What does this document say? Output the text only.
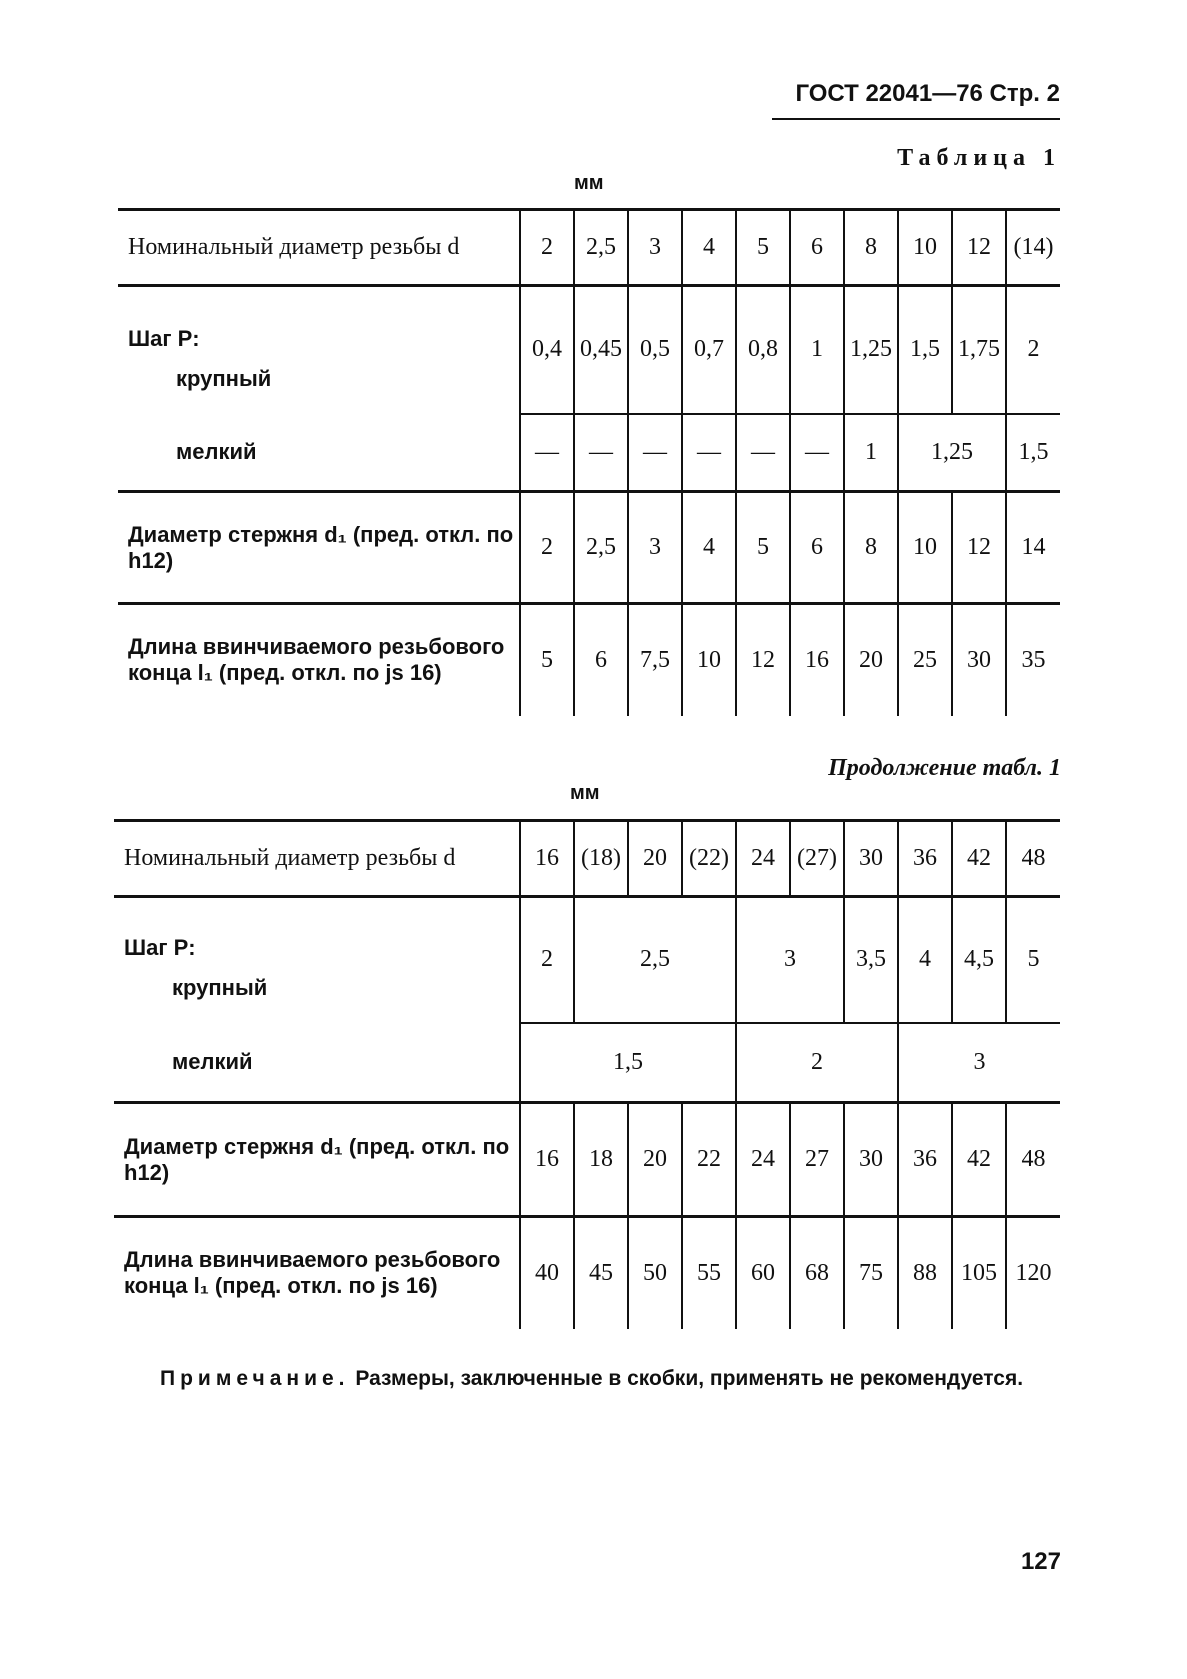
ГОСТ 22041—76 Стр. 2
Таблица 1
мм
Номинальный диаметр резьбы d	2	2,5	3	4	5	6	8	10	12	(14)

Шаг P:
крупный	0,4	0,45	0,5	0,7	0,8	1	1,25	1,5	1,75	2
мелкий	—	—	—	—	—	—	1	1,25		1,5
Диаметр стержня d₁ (пред. откл. по h12)	2	2,5	3	4	5	6	8	10	12	14
Длина ввинчиваемого резьбового конца l₁ (пред. откл. по js 16)	5	6	7,5	10	12	16	20	25	30	35
Продолжение табл. 1
мм
Номинальный диаметр резьбы d	16	(18)	20	(22)	24	(27)	30	36	42	48

Шаг P:
крупный	2	2,5			3		3,5	4	4,5	5
мелкий	1,5				2			3		
Диаметр стержня d₁ (пред. откл. по h12)	16	18	20	22	24	27	30	36	42	48
Длина ввинчиваемого резьбового конца l₁ (пред. откл. по js 16)	40	45	50	55	60	68	75	88	105	120
Примечание. Размеры, заключенные в скобки, применять не рекомендуется.
127
